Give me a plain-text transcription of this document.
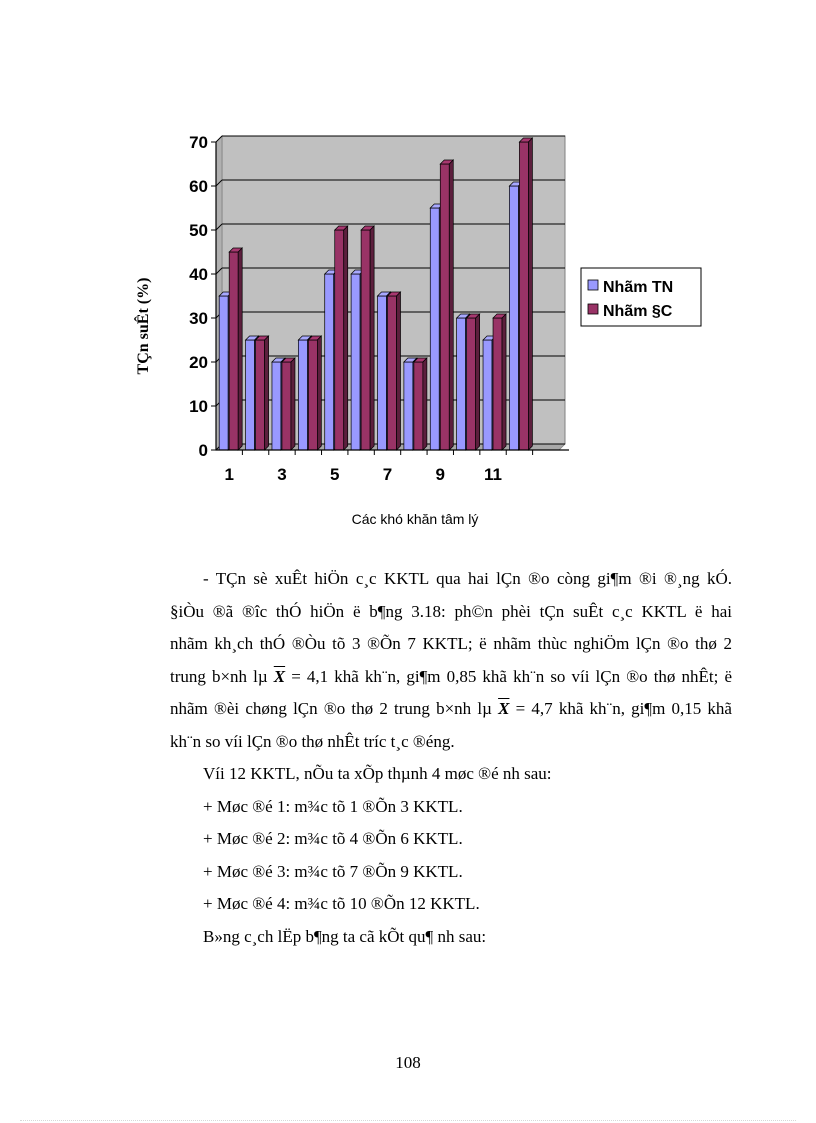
0
10
20
30
40
50
60
70
1	3	5	7	9 11
Nhãm TN
Nhãm §C
TÇn suÊt (%)
Các khó khăn tâm lý
- TÇn sè xuÊt hiÖn c¸c KKTL qua hai lÇn ®o còng gi¶m ®i ®¸ng kÓ.
§iÒu ®ã ®îc thÓ hiÖn ë b¶ng 3.18: ph©n phèi tÇn suÊt c¸c KKTL ë hai
nhãm kh¸ch thÓ ®Òu tõ 3 ®Õn 7 KKTL; ë nhãm thùc nghiÖm lÇn ®o thø 2
trung b×nh lµ $\overline{X} = 4,1$ khã kh¨n, gi¶m 0,85 khã kh¨n so víi lÇn ®o thø nhÊt; ë
nhãm ®èi chøng lÇn ®o thø 2 trung b×nh lµ $\overline{X} = 4,7$ khã kh¨n, gi¶m 0,15 khã
kh¨n so víi lÇn ®o thø nhÊt tríc t¸c ®éng.
Víi 12 KKTL, nÕu ta xÕp thµnh 4 møc ®é nh sau:
+ Møc ®é 1: m¾c tõ 1 ®Õn 3 KKTL.
+ Møc ®é 2: m¾c tõ 4 ®Õn 6 KKTL.
+ Møc ®é 3: m¾c tõ 7 ®Õn 9 KKTL.
+ Møc ®é 4: m¾c tõ 10 ®Õn 12 KKTL.
B»ng c¸ch lËp b¶ng ta cã kÕt qu¶ nh sau:
108
